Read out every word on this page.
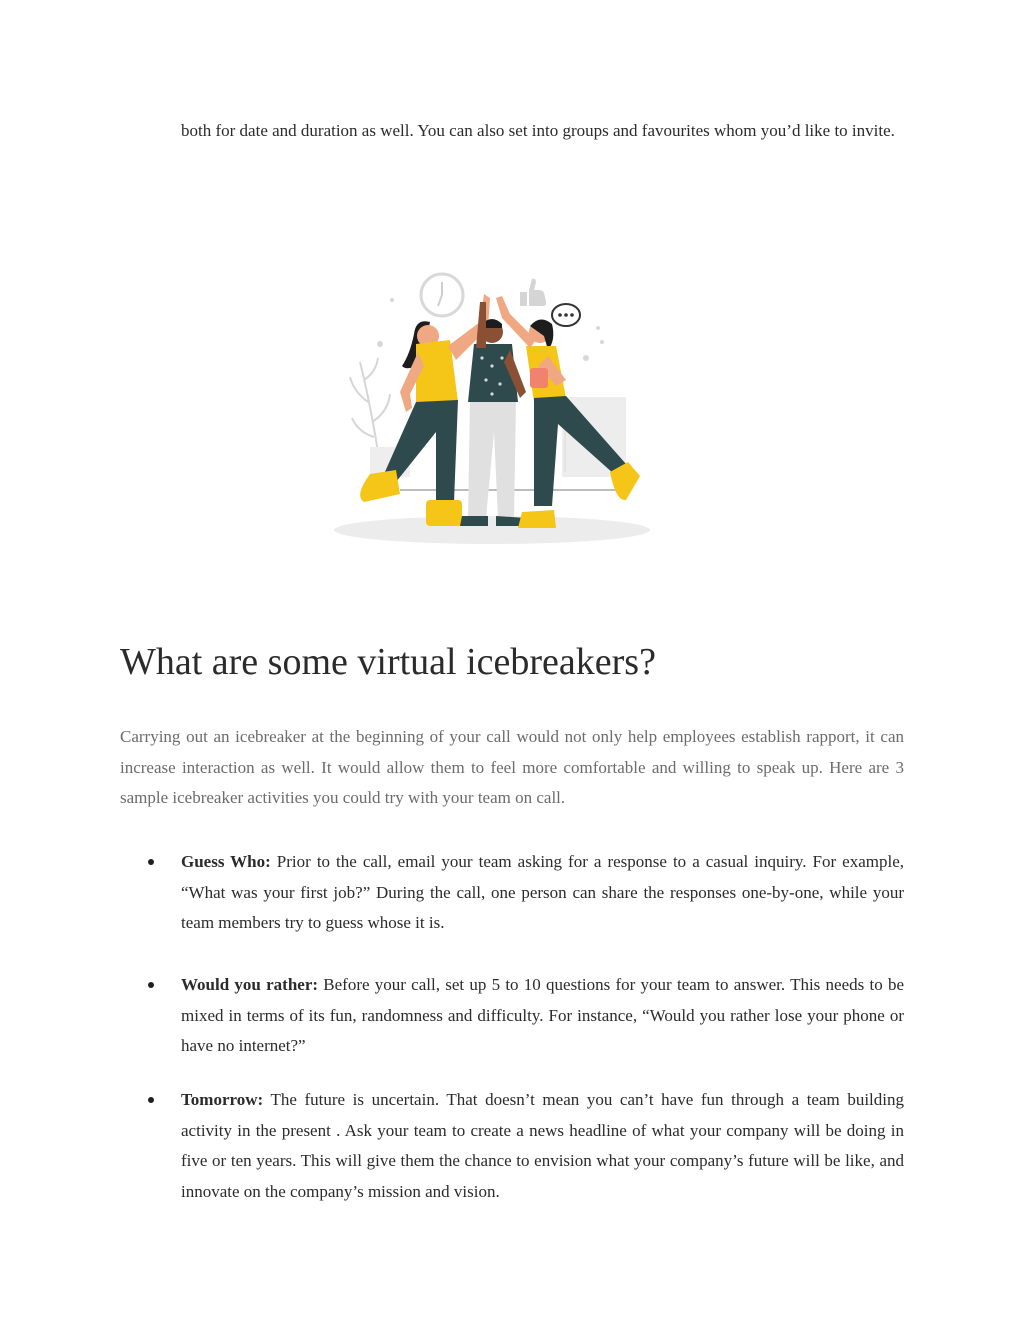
both for date and duration as well. You can also set into groups and favourites whom you’d like to invite.

What are some virtual icebreakers?

Carrying out an icebreaker at the beginning of your call would not only help employees establish rapport, it can increase interaction as well. It would allow them to feel more comfortable and willing to speak up. Here are 3 sample icebreaker activities you could try with your team on call.

Guess Who: Prior to the call, email your team asking for a response to a casual inquiry. For example, “What was your first job?” During the call, one person can share the responses one-by-one, while your team members try to guess whose it is.
Would you rather: Before your call, set up 5 to 10 questions for your team to answer. This needs to be mixed in terms of its fun, randomness and difficulty. For instance, “Would you rather lose your phone or have no internet?”
Tomorrow: The future is uncertain. That doesn’t mean you can’t have fun through a team building activity in the present . Ask your team to create a news headline of what your company will be doing in five or ten years. This will give them the chance to envision what your company’s future will be like, and innovate on the company’s mission and vision.
